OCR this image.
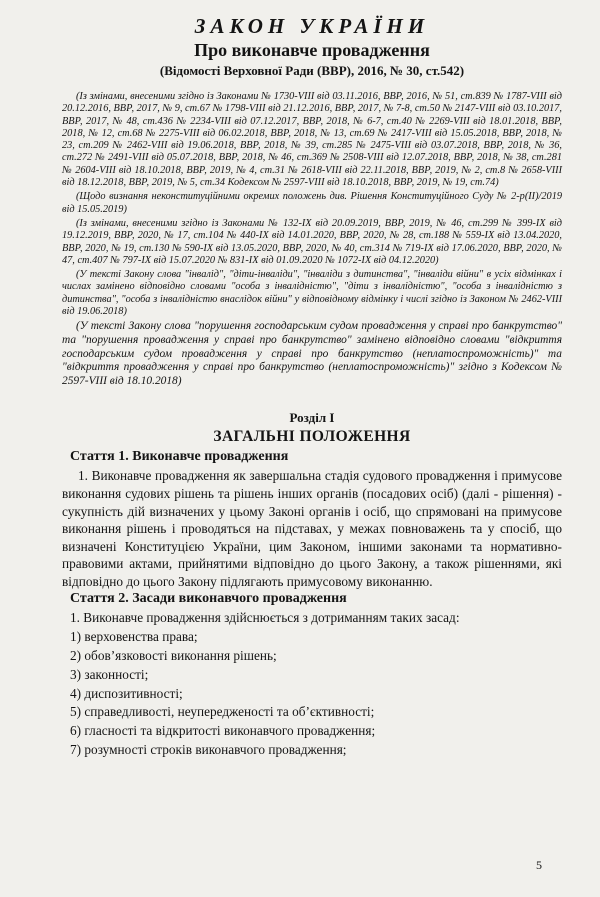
ЗАКОН УКРАЇНИ

Про виконавче провадження

(Відомості Верховної Ради (ВВР), 2016, № 30, ст.542)

(Із змінами, внесеними згідно із Законами № 1730-VIII від 03.11.2016, ВВР, 2016, № 51, ст.839 № 1787-VIII від 20.12.2016, ВВР, 2017, № 9, ст.67 № 1798-VIII від 21.12.2016, ВВР, 2017, № 7-8, ст.50 № 2147-VIII від 03.10.2017, ВВР, 2017, № 48, ст.436 № 2234-VIII від 07.12.2017, ВВР, 2018, № 6-7, ст.40 № 2269-VIII від 18.01.2018, ВВР, 2018, № 12, ст.68 № 2275-VIII від 06.02.2018, ВВР, 2018, № 13, ст.69 № 2417-VIII від 15.05.2018, ВВР, 2018, № 23, ст.209 № 2462-VIII від 19.06.2018, ВВР, 2018, № 39, ст.285 № 2475-VIII від 03.07.2018, ВВР, 2018, № 36, ст.272 № 2491-VIII від 05.07.2018, ВВР, 2018, № 46, ст.369 № 2508-VIII від 12.07.2018, ВВР, 2018, № 38, ст.281 № 2604-VIII від 18.10.2018, ВВР, 2019, № 4, ст.31 № 2618-VIII від 22.11.2018, ВВР, 2019, № 2, ст.8 № 2658-VIII від 18.12.2018, ВВР, 2019, № 5, ст.34 Кодексом № 2597-VIII від 18.10.2018, ВВР, 2019, № 19, ст.74)

(Щодо визнання неконституційними окремих положень див. Рішення Конституційного Суду № 2-р(II)/2019 від 15.05.2019)

(Із змінами, внесеними згідно із Законами № 132-IX від 20.09.2019, ВВР, 2019, № 46, ст.299 № 399-IX від 19.12.2019, ВВР, 2020, № 17, ст.104 № 440-IX від 14.01.2020, ВВР, 2020, № 28, ст.188 № 559-IX від 13.04.2020, ВВР, 2020, № 19, ст.130 № 590-IX від 13.05.2020, ВВР, 2020, № 40, ст.314 № 719-IX від 17.06.2020, ВВР, 2020, № 47, ст.407 № 797-IX від 15.07.2020 № 831-IX від 01.09.2020 № 1072-IX від 04.12.2020)

(У тексті Закону слова "інвалід", "діти-інваліди", "інваліди з дитинства", "інваліди війни" в усіх відмінках і числах замінено відповідно словами "особа з інвалідністю", "діти з інвалідністю", "особа з інвалідністю з дитинства", "особа з інвалідністю внаслідок війни" у відповідному відмінку і числі згідно із Законом № 2462-VIII від 19.06.2018)

(У тексті Закону слова "порушення господарським судом провадження у справі про банкрутство" та "порушення провадження у справі про банкрутство" замінено відповідно словами "відкриття господарським судом провадження у справі про банкрутство (неплатоспроможність)" та "відкриття провадження у справі про банкрутство (неплатоспроможність)" згідно з Кодексом № 2597-VIII від 18.10.2018)

Розділ I

ЗАГАЛЬНІ ПОЛОЖЕННЯ

Стаття 1. Виконавче провадження

1. Виконавче провадження як завершальна стадія судового провадження і примусове виконання судових рішень та рішень інших органів (посадових осіб) (далі - рішення) - сукупність дій визначених у цьому Законі органів і осіб, що спрямовані на примусове виконання рішень і проводяться на підставах, у межах повноважень та у спосіб, що визначені Конституцією України, цим Законом, іншими законами та нормативно-правовими актами, прийнятими відповідно до цього Закону, а також рішеннями, які відповідно до цього Закону підлягають примусовому виконанню.

Стаття 2. Засади виконавчого провадження

1. Виконавче провадження здійснюється з дотриманням таких засад:

1) верховенства права;

2) обов’язковості виконання рішень;

3) законності;

4) диспозитивності;

5) справедливості, неупередженості та об’єктивності;

6) гласності та відкритості виконавчого провадження;

7) розумності строків виконавчого провадження;

5
